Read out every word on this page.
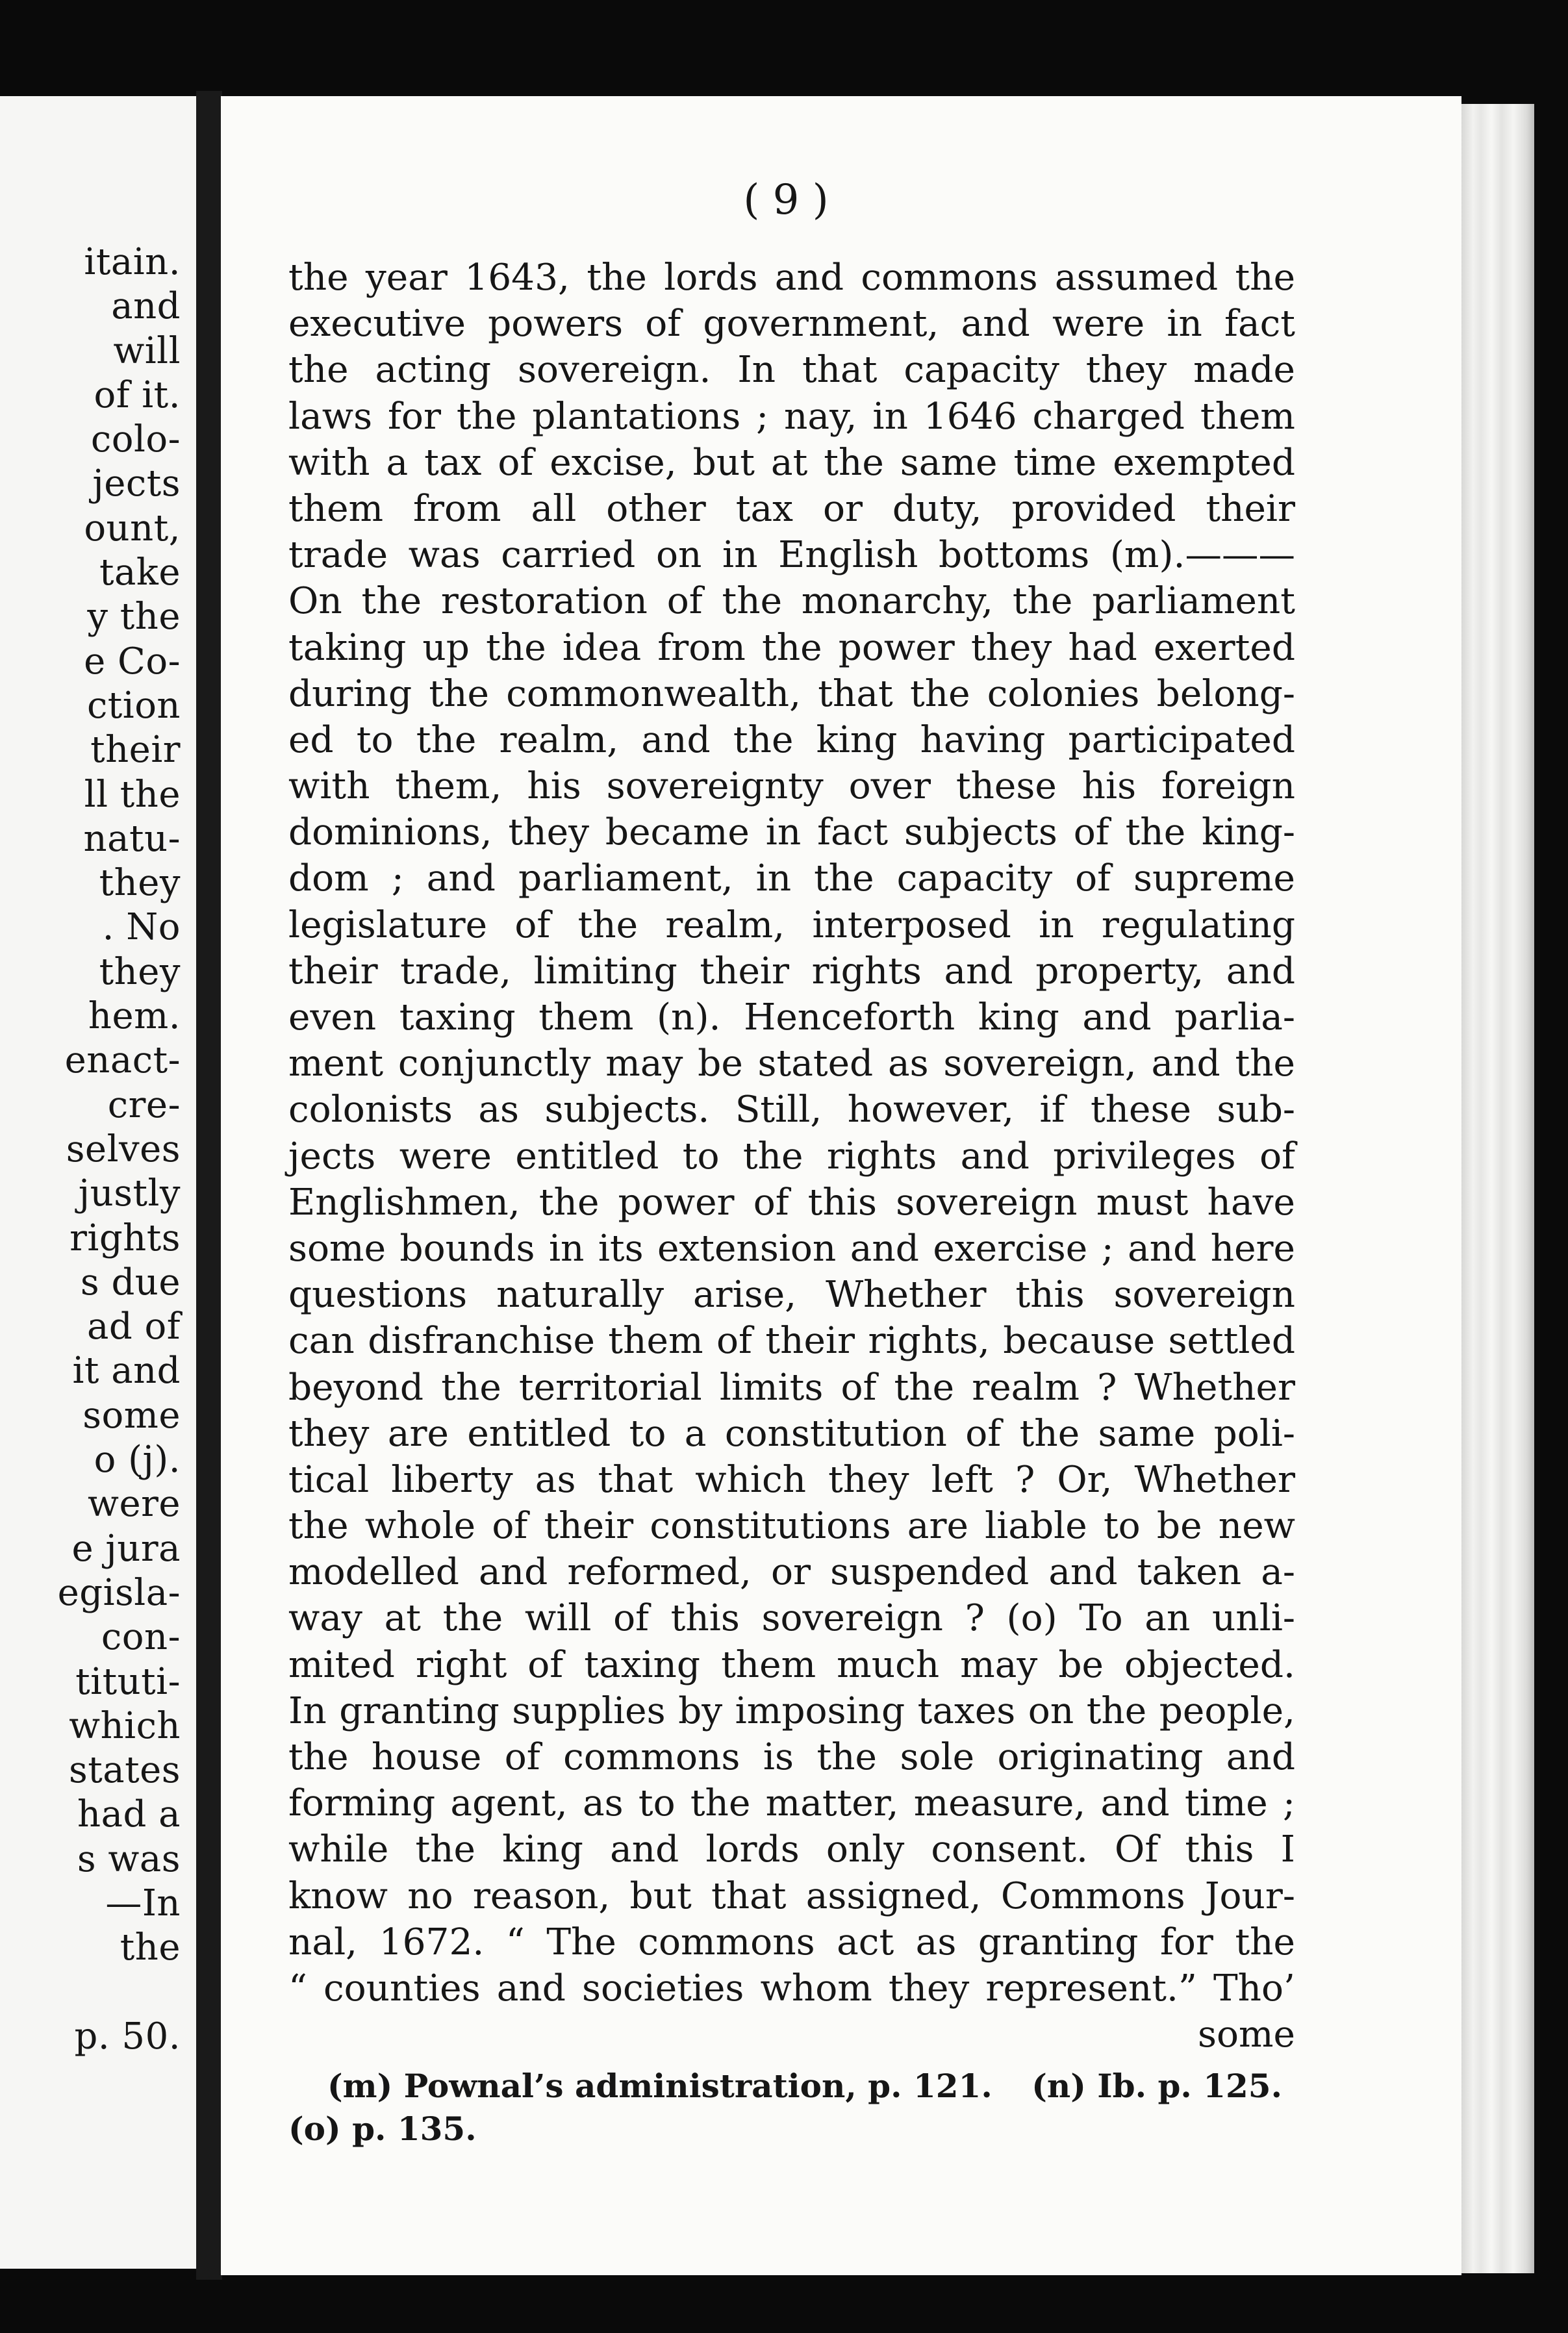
itain.
and
will
of it.
colo-
jects
ount,
take
y the
e Co-
ction
their
ll the
natu-
they
. No
they
hem.
enact-
cre-
selves
justly
rights
s due
ad of
it and
some
o (j).
were
e jura
egisla-
con-
tituti-
which
states
had a
s was
—In
the
p. 50.
( 9 )
the year 1643, the lords and commons assumed the
executive powers of government, and were in fact
the acting sovereign. In that capacity they made
laws for the plantations ; nay, in 1646 charged them
with a tax of excise, but at the same time exempted
them from all other tax or duty, provided their
trade was carried on in English bottoms (m).———
On the restoration of the monarchy, the parliament
taking up the idea from the power they had exerted
during the commonwealth, that the colonies belong-
ed to the realm, and the king having participated
with them, his sovereignty over these his foreign
dominions, they became in fact subjects of the king-
dom ; and parliament, in the capacity of supreme
legislature of the realm, interposed in regulating
their trade, limiting their rights and property, and
even taxing them (n). Henceforth king and parlia-
ment conjunctly may be stated as sovereign, and the
colonists as subjects. Still, however, if these sub-
jects were entitled to the rights and privileges of
Englishmen, the power of this sovereign must have
some bounds in its extension and exercise ; and here
questions naturally arise, Whether this sovereign
can disfranchise them of their rights, because settled
beyond the territorial limits of the realm ? Whether
they are entitled to a constitution of the same poli-
tical liberty as that which they left ? Or, Whether
the whole of their constitutions are liable to be new
modelled and reformed, or suspended and taken a-
way at the will of this sovereign ? (o) To an unli-
mited right of taxing them much may be objected.
In granting supplies by imposing taxes on the people,
the house of commons is the sole originating and
forming agent, as to the matter, measure, and time ;
while the king and lords only consent. Of this I
know no reason, but that assigned, Commons Jour-
nal, 1672. “ The commons act as granting for the
“ counties and societies whom they represent.” Tho’
some
(m) Pownal’s administration, p. 121. (n) Ib. p. 125.
(o) p. 135.
